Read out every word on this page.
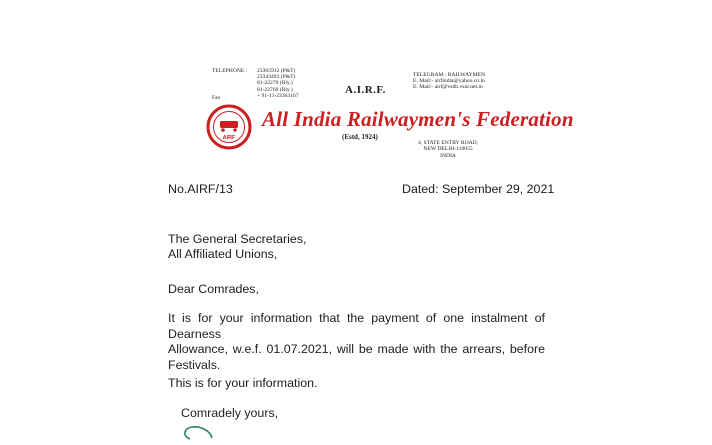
TELEPHONE : 23365912 (P&T)
23343493 (P&T)
81-22270 (Rly.)
81-22769 (Rly.)
+ 91-11-23363167
Fax
A.I.R.F.
TELEGRAM : RAILWAYMEN
E. Mail:- airfindia@yahoo.co.in
E. Mail:- airf@vsdh.vsnl.net.in
AIRF
All India Railwaymen's Federation
(Estd, 1924)
4, STATE ENTRY ROAD,
NEW DELHI-110055
INDIA
No.AIRF/13	Dated: September 29, 2021
The General Secretaries,
All Affiliated Unions,
Dear Comrades,
It is for your information that the payment of one instalment of Dearness
Allowance, w.e.f. 01.07.2021, will be made with the arrears, before
Festivals.
This is for your information.
Comradely yours,
